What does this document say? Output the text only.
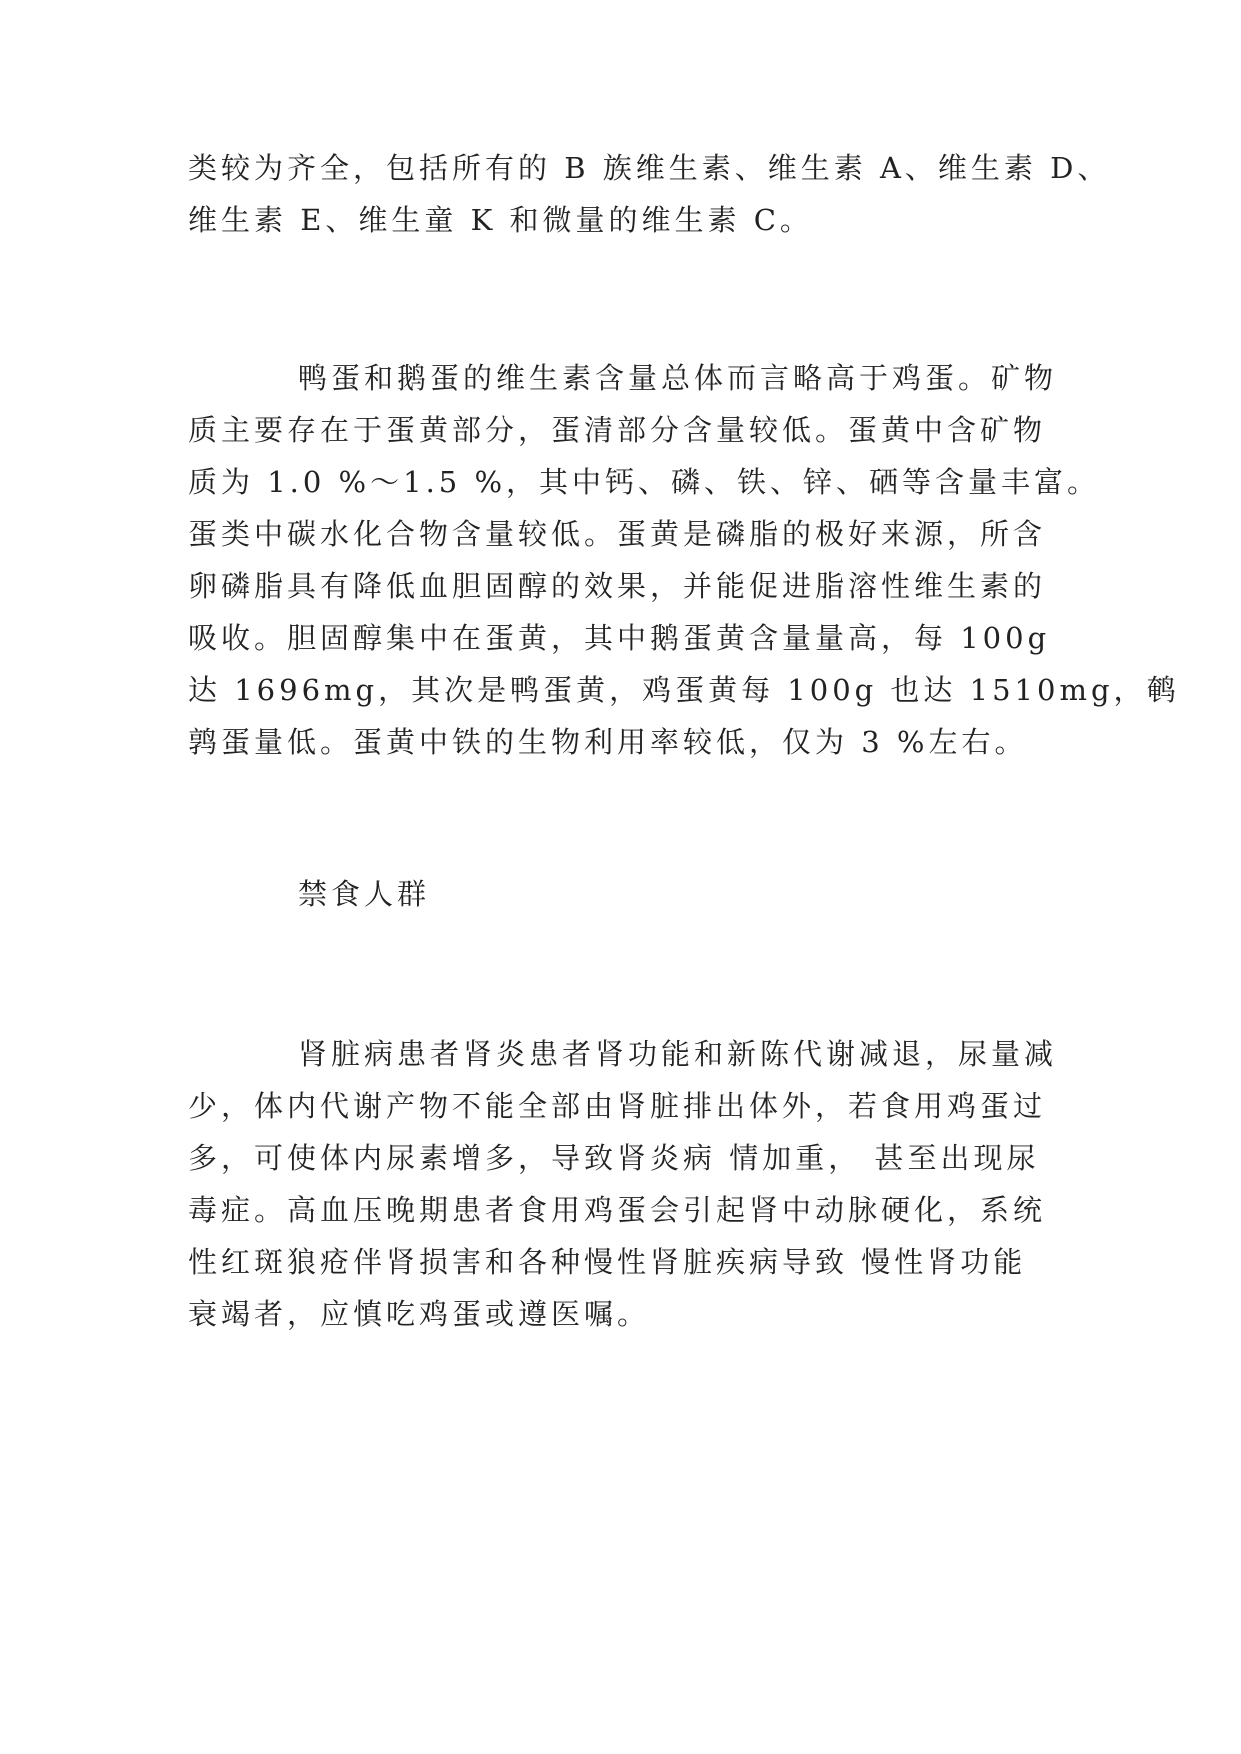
类较为齐全，包括所有的 B 族维生素、维生素 A、维生素 D、
维生素 E、维生童 K 和微量的维生素 C。
鸭蛋和鹅蛋的维生素含量总体而言略高于鸡蛋。矿物
质主要存在于蛋黄部分，蛋清部分含量较低。蛋黄中含矿物
质为 1.0 %～1.5 %，其中钙、磷、铁、锌、硒等含量丰富。
蛋类中碳水化合物含量较低。蛋黄是磷脂的极好来源，所含
卵磷脂具有降低血胆固醇的效果，并能促进脂溶性维生素的
吸收。胆固醇集中在蛋黄，其中鹅蛋黄含量量高，每 100g
达 1696mg，其次是鸭蛋黄，鸡蛋黄每 100g 也达 1510mg，鹌
鹑蛋量低。蛋黄中铁的生物利用率较低，仅为 3 %左右。
禁食人群
肾脏病患者肾炎患者肾功能和新陈代谢减退，尿量减
少，体内代谢产物不能全部由肾脏排出体外，若食用鸡蛋过
多，可使体内尿素增多，导致肾炎病 情加重， 甚至出现尿
毒症。高血压晚期患者食用鸡蛋会引起肾中动脉硬化，系统
性红斑狼疮伴肾损害和各种慢性肾脏疾病导致 慢性肾功能
衰竭者，应慎吃鸡蛋或遵医嘱。
